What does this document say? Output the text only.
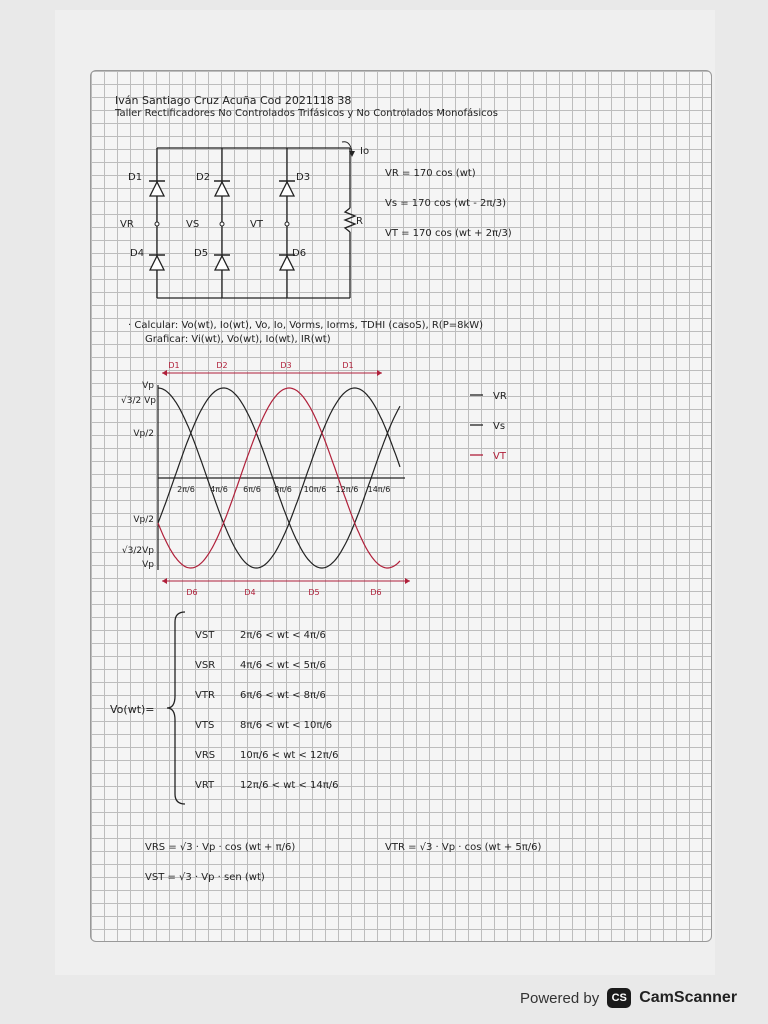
Iván Santiago Cruz Acuña Cod 2021118 38
Taller Rectificadores No Controlados Trifásicos y No Controlados Monofásicos
D1	D2	D3
D4	D5	D6
VR	VS	VT	R
Io
VR = 170 cos (wt)
Vs = 170 cos (wt - 2π/3)
VT = 170 cos (wt + 2π/3)
· Calcular: Vo(wt), Io(wt), Vo, Io, Vorms, Iorms, TDHI (casoS), R(P=8kW)
Graficar: Vi(wt), Vo(wt), Io(wt), IR(wt)
Vp
√3/2 Vp
Vp/2
Vp/2
√3/2Vp
Vp
2π/6 4π/6 6π/6 8π/6 10π/6 12π/6 14π/6
D1	D2	D3	D1
D6	D4	D5	D6
VR
Vs
VT
Vo(wt)=
VST	2π/6 < wt < 4π/6
VSR 4π/6 < wt < 5π/6
VTR	6π/6 < wt < 8π/6
VTS	8π/6 < wt < 10π/6
VRS 10π/6 < wt < 12π/6
VRT	12π/6 < wt < 14π/6
VRS = √3 · Vp · cos (wt + π/6)	VTR = √3 · Vp · cos (wt + 5π/6)
VST = √3 · Vp · sen (wt)
Powered by	CS CamScanner
